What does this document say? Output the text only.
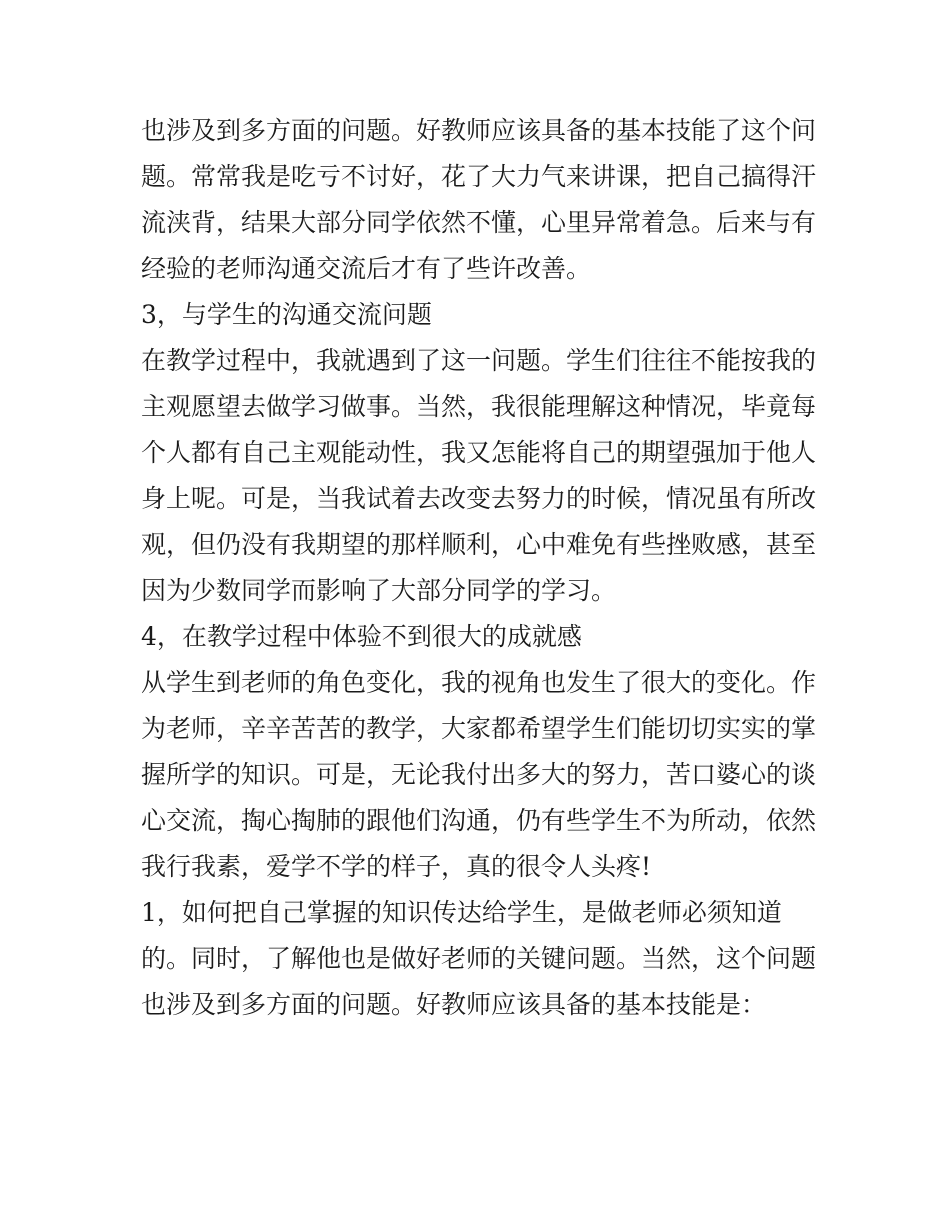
也涉及到多方面的问题。好教师应该具备的基本技能了这个问
题。常常我是吃亏不讨好，花了大力气来讲课，把自己搞得汗
流浃背，结果大部分同学依然不懂，心里异常着急。后来与有
经验的老师沟通交流后才有了些许改善。
3，与学生的沟通交流问题
在教学过程中，我就遇到了这一问题。学生们往往不能按我的
主观愿望去做学习做事。当然，我很能理解这种情况，毕竟每
个人都有自己主观能动性，我又怎能将自己的期望强加于他人
身上呢。可是，当我试着去改变去努力的时候，情况虽有所改
观，但仍没有我期望的那样顺利，心中难免有些挫败感，甚至
因为少数同学而影响了大部分同学的学习。
4，在教学过程中体验不到很大的成就感
从学生到老师的角色变化，我的视角也发生了很大的变化。作
为老师，辛辛苦苦的教学，大家都希望学生们能切切实实的掌
握所学的知识。可是，无论我付出多大的努力，苦口婆心的谈
心交流，掏心掏肺的跟他们沟通，仍有些学生不为所动，依然
我行我素，爱学不学的样子，真的很令人头疼!
1，如何把自己掌握的知识传达给学生，是做老师必须知道
的。同时，了解他也是做好老师的关键问题。当然，这个问题
也涉及到多方面的问题。好教师应该具备的基本技能是：
